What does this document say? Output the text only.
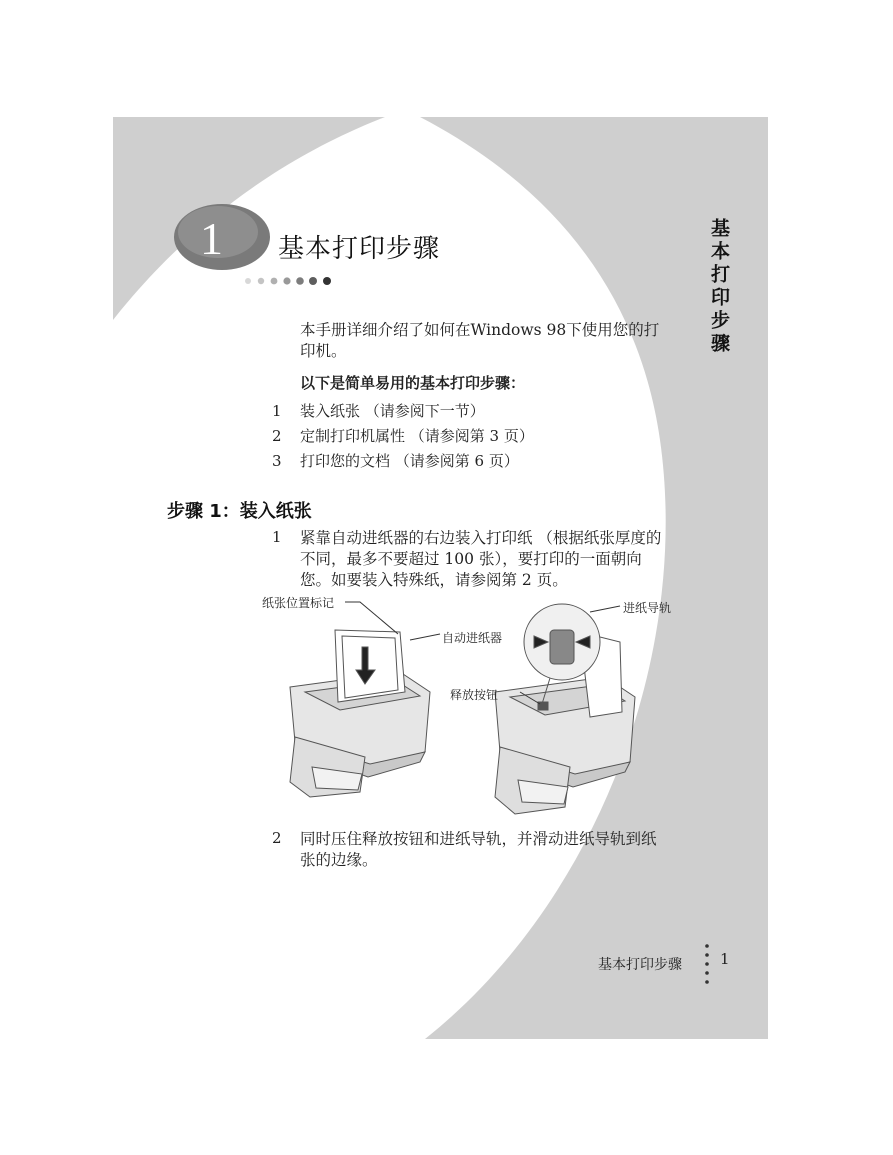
1 基本打印步骤	基本打印步骤
本手册详细介绍了如何在Windows 98下使用您的打印机。
以下是简单易用的基本打印步骤：
1	装入纸张 （请参阅下一节）
2	定制打印机属性 （请参阅第 3 页）
3	打印您的文档 （请参阅第 6 页）
步骤 1：装入纸张
1 紧靠自动进纸器的右边装入打印纸 （根据纸张厚度的不同，最多不要超过 100 张），要打印的一面朝向您。如要装入特殊纸，请参阅第 2 页。
纸张位置标记
自动进纸器
进纸导轨
释放按钮
2 同时压住释放按钮和进纸导轨，并滑动进纸导轨到纸张的边缘。
基本打印步骤	1
